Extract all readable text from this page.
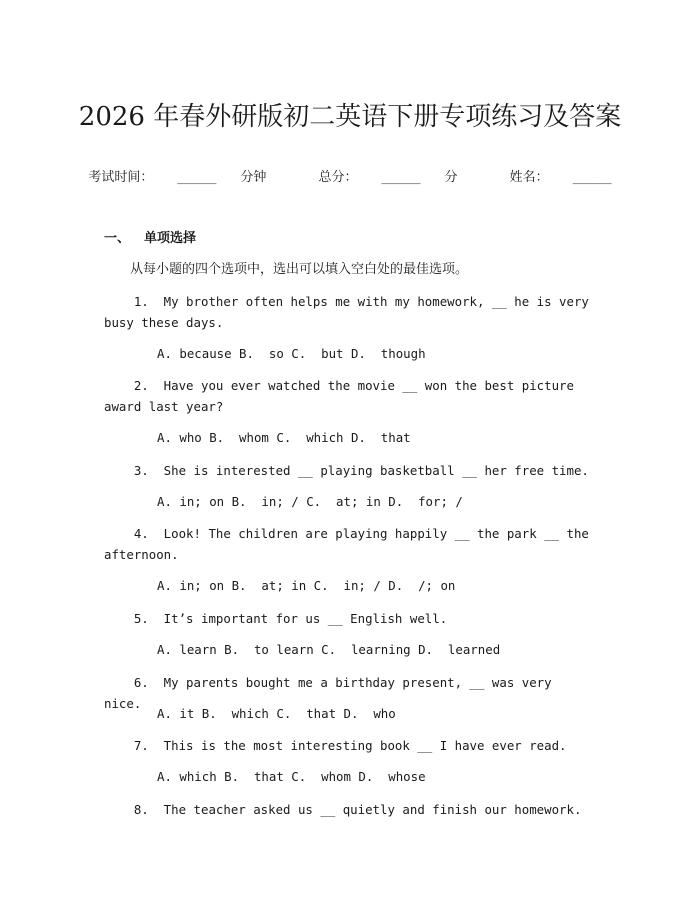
2026 年春外研版初二英语下册专项练习及答案
考试时间： ______ 分钟	总分： ______ 分	姓名： ______
一、 单项选择
从每小题的四个选项中，选出可以填入空白处的最佳选项。
1.  My brother often helps me with my homework, __ he is very busy these days.
A. because B.  so C.  but D.  though
2.  Have you ever watched the movie __ won the best picture award last year?
A. who B.  whom C.  which D.  that
3.  She is interested __ playing basketball __ her free time.
A. in; on B.  in; / C.  at; in D.  for; /
4.  Look! The children are playing happily __ the park __ the afternoon.
A. in; on B.  at; in C.  in; / D.  /; on
5.  It’s important for us __ English well.
A. learn B.  to learn C.  learning D.  learned
6.  My parents bought me a birthday present, __ was very nice.
A. it B.  which C.  that D.  who
7.  This is the most interesting book __ I have ever read.
A. which B.  that C.  whom D.  whose
8.  The teacher asked us __ quietly and finish our homework.
